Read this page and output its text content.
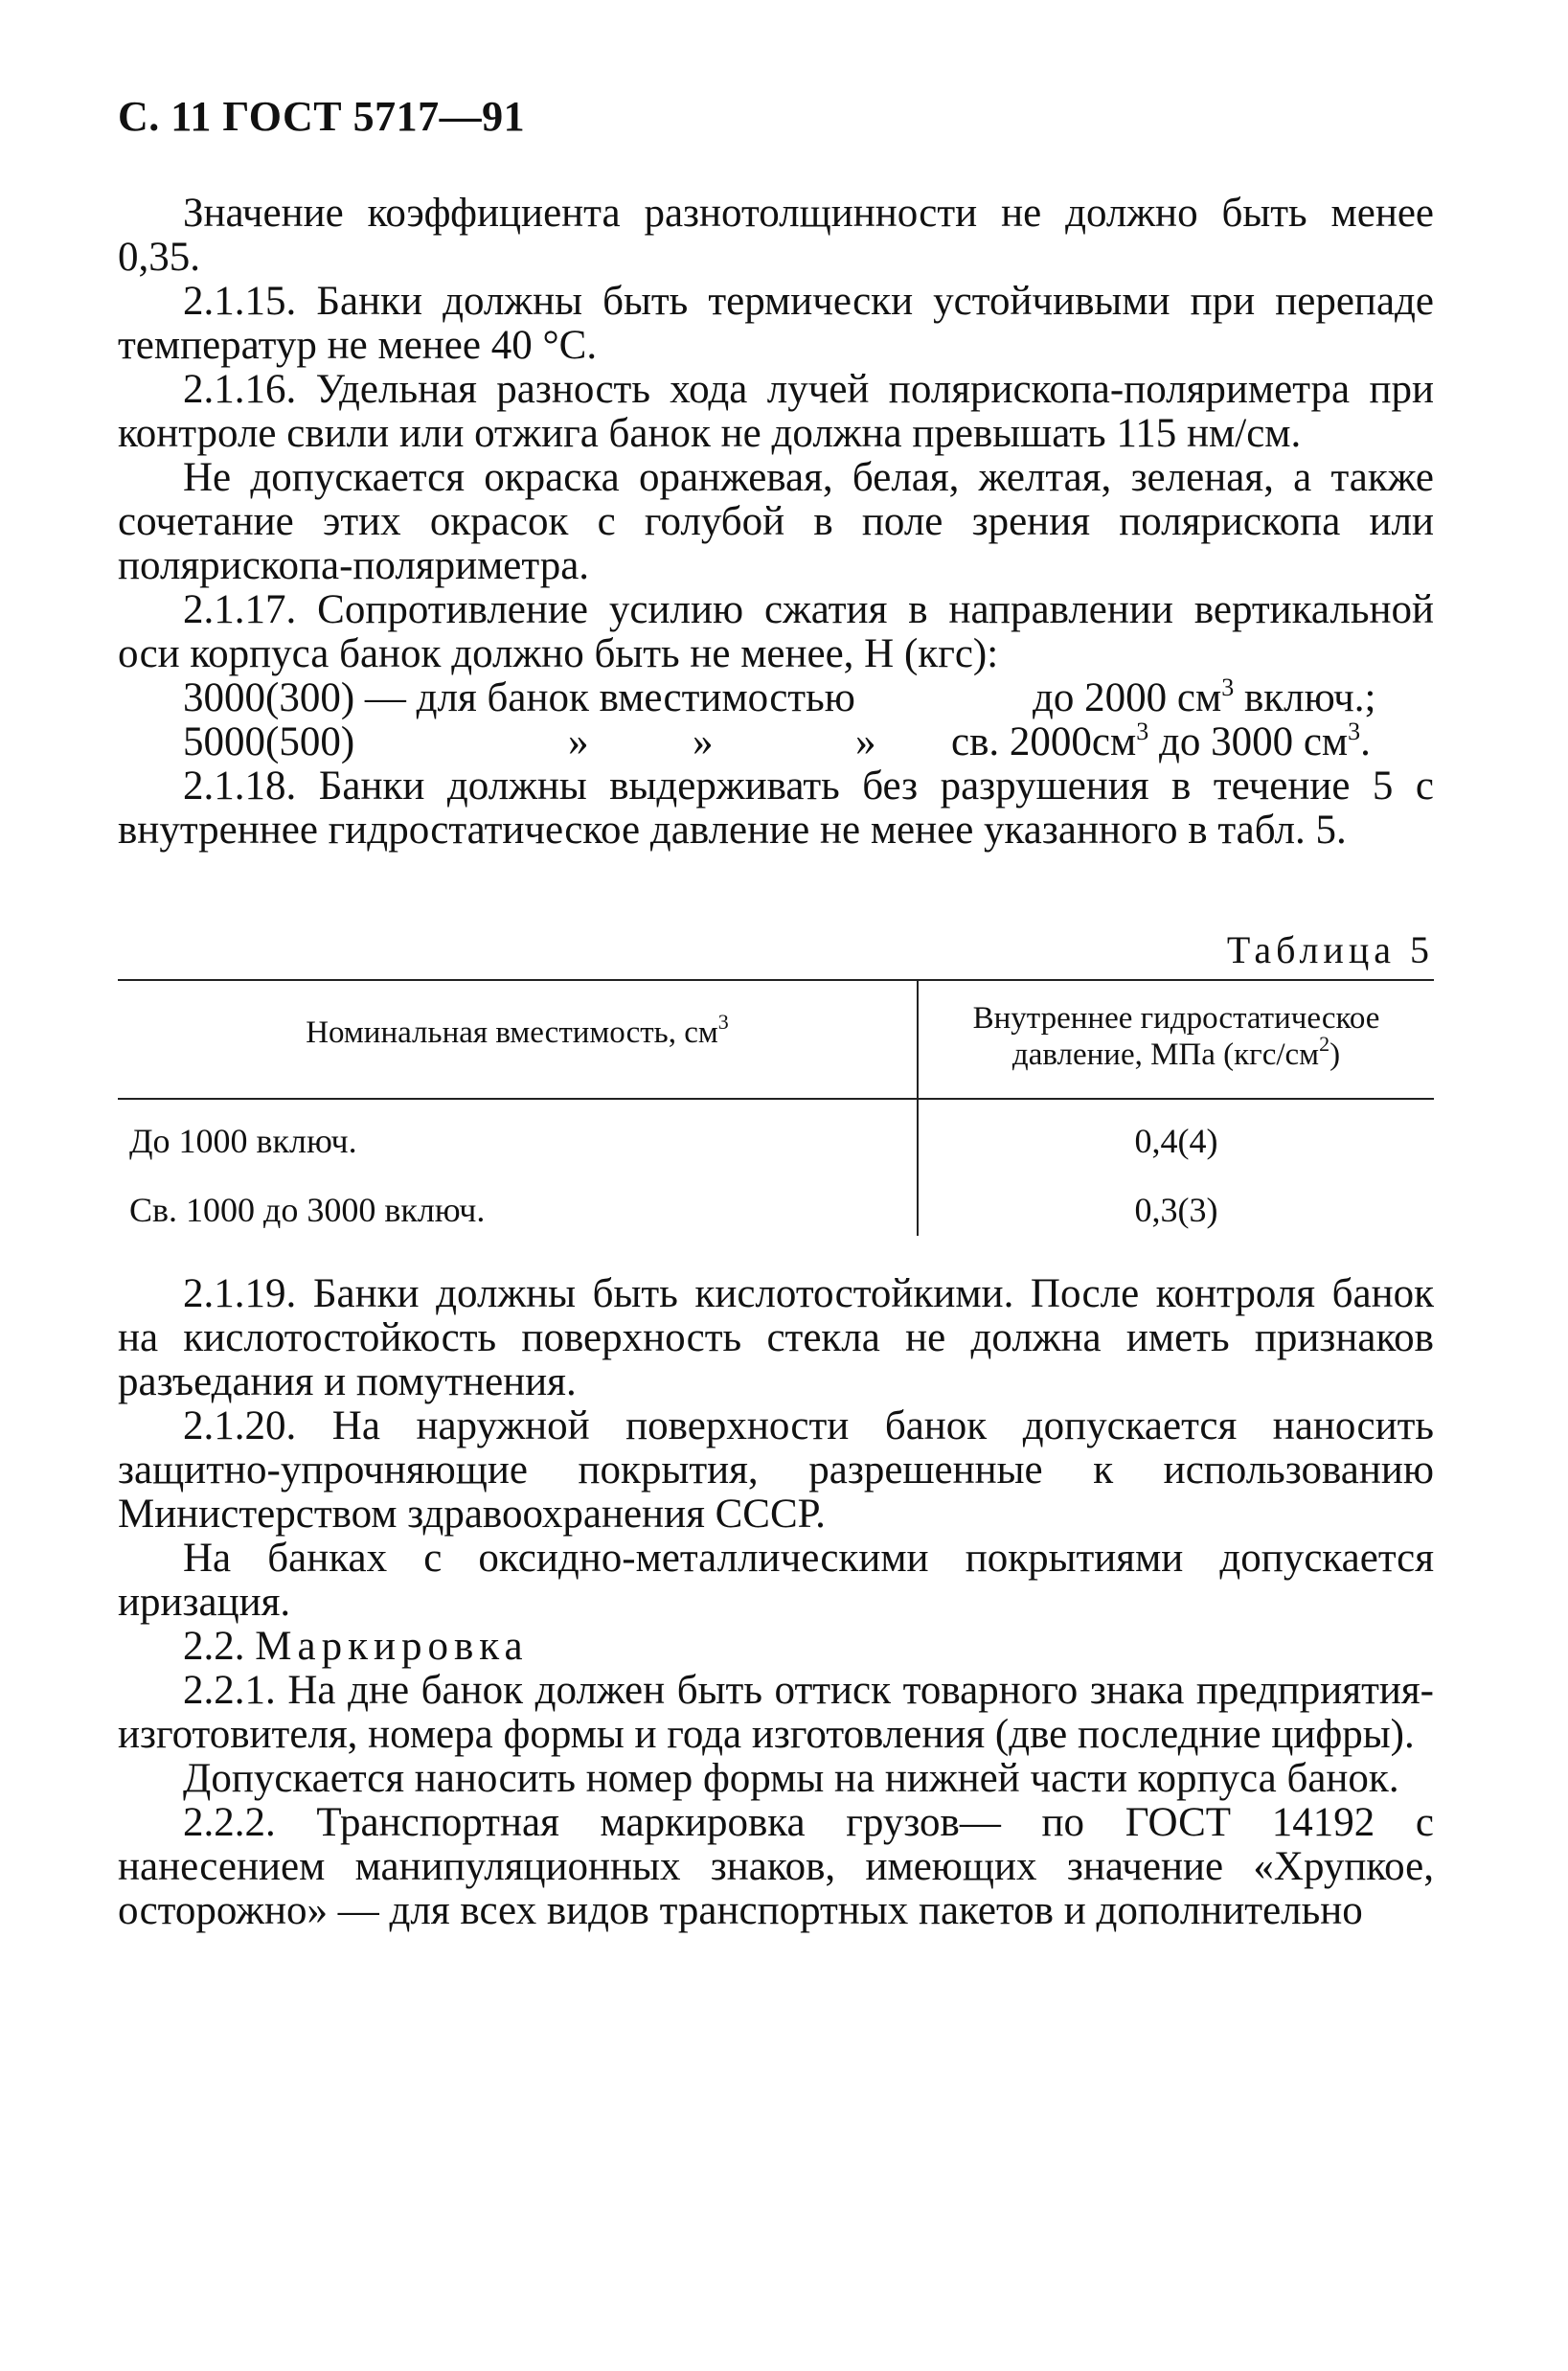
С. 11 ГОСТ 5717—91

Значение коэффициента разнотолщинности не должно быть менее 0,35.

2.1.15. Банки должны быть термически устойчивыми при перепаде температур не менее 40 °С.

2.1.16. Удельная разность хода лучей полярископа-поляриметра при контроле свили или отжига банок не должна превышать 115 нм/см.

Не допускается окраска оранжевая, белая, желтая, зеленая, а также сочетание этих окрасок с голубой в поле зрения полярископа или полярископа-поляриметра.

2.1.17. Сопротивление усилию сжатия в направлении вертикальной оси корпуса банок должно быть не менее, Н (кгс):

3000(300) — для банок вместимостью	до 2000 $см^3$ включ.;
5000(500)	»	»	» св. $2000см^3$ до 3000 $см^3$.

2.1.18. Банки должны выдерживать без разрушения в течение 5 с внутреннее гидростатическое давление не менее указанного в табл. 5.

Таблица 5
Номинальная вместимость, $см^3$	Внутреннее гидростатическое
давление, МПа $(кгс/см^2)$
До 1000 включ.	0,4(4)
Св. 1000 до 3000 включ.	0,3(3)

2.1.19. Банки должны быть кислотостойкими. После контроля банок на кислотостойкость поверхность стекла не должна иметь признаков разъедания и помутнения.

2.1.20. На наружной поверхности банок допускается наносить защитно-упрочняющие покрытия, разрешенные к использованию Министерством здравоохранения СССР.

На банках с оксидно-металлическими покрытиями допускается иризация.

2.2. Маркировка

2.2.1. На дне банок должен быть оттиск товарного знака предприятия-изготовителя, номера формы и года изготовления (две последние цифры).

Допускается наносить номер формы на нижней части корпуса банок.

2.2.2. Транспортная маркировка грузов— по ГОСТ 14192 с нанесением манипуляционных знаков, имеющих значение «Хрупкое, осторожно» — для всех видов транспортных пакетов и дополнительно
